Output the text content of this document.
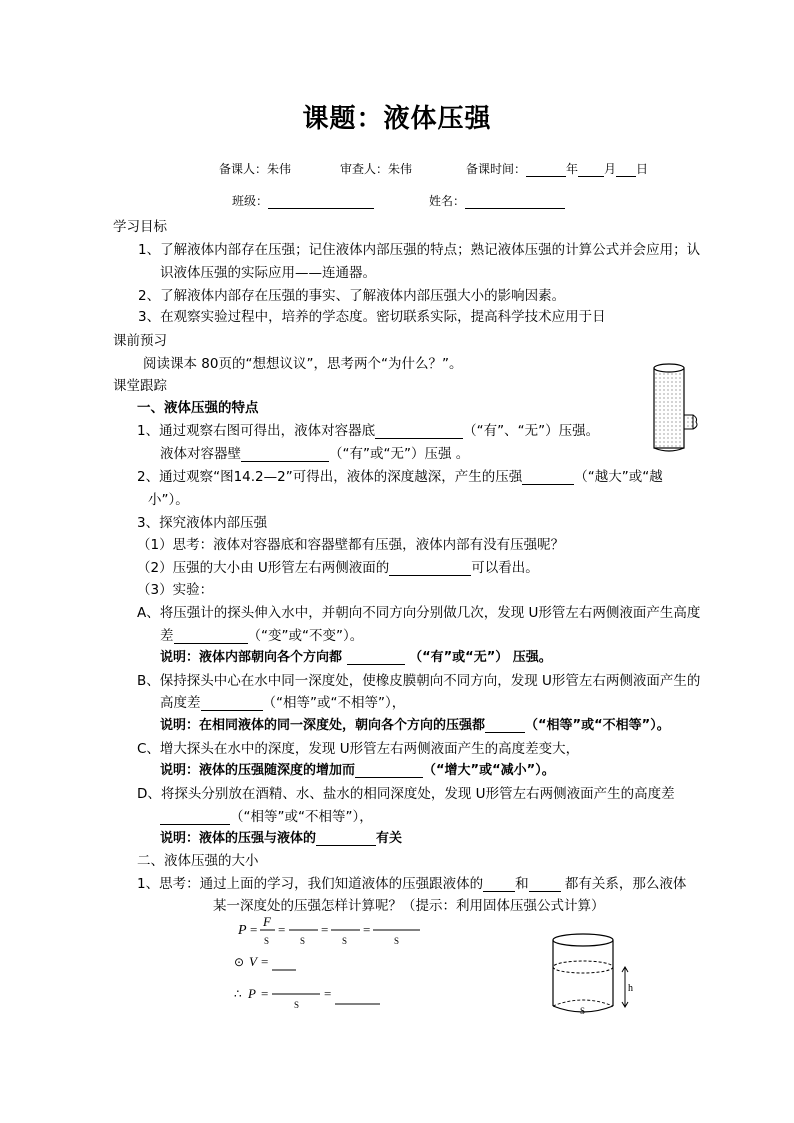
课题：液体压强
备课人：朱伟	审查人：朱伟	备课时间：	年 月 日
班级：	姓名：
学习目标
1、了解液体内部存在压强；记住液体内部压强的特点；熟记液体压强的计算公式并会应用；认
识液体压强的实际应用——连通器。
2、了解液体内部存在压强的事实、了解液体内部压强大小的影响因素。
3、在观察实验过程中，培养的学态度。密切联系实际，提高科学技术应用于日
课前预习
阅读课本 80页的“想想议议”，思考两个“为什么？”。
课堂跟踪
一、液体压强的特点
1、通过观察右图可得出，液体对容器底	（“有”、“无”）压强。
液体对容器壁	（“有”或“无”）压强 。
2、通过观察“图14.2—2”可得出，液体的深度越深，产生的压强	（“越大”或“越
小”）。
3、探究液体内部压强
（1）思考：液体对容器底和容器壁都有压强，液体内部有没有压强呢？
（2）压强的大小由 U形管左右两侧液面的	可以看出。
（3）实验：
A、将压强计的探头伸入水中，并朝向不同方向分别做几次，发现 U形管左右两侧液面产生高度
差	（“变”或“不变”）。
说明：液体内部朝向各个方向都	（“有”或“无”） 压强。
B、保持探头中心在水中同一深度处，使橡皮膜朝向不同方向，发现 U形管左右两侧液面产生的
高度差	（“相等”或“不相等”），
说明：在相同液体的同一深度处，朝向各个方向的压强都	（“相等”或“不相等”）。
C、增大探头在水中的深度，发现 U形管左右两侧液面产生的高度差变大，
说明：液体的压强随深度的增加而	（“增大”或“减小”）。
D、将探头分别放在酒精、水、盐水的相同深度处，发现 U形管左右两侧液面产生的高度差
（“相等”或“不相等”），
说明：液体的压强与液体的	有关
二、液体压强的大小
1、思考：通过上面的学习，我们知道液体的压强跟液体的 和	都有关系，那么液体
某一深度处的压强怎样计算呢？（提示：利用固体压强公式计算）
P =
F
S
=
S
=
S
=
S
⊙ V =
∴ P =
S
=
S
h
